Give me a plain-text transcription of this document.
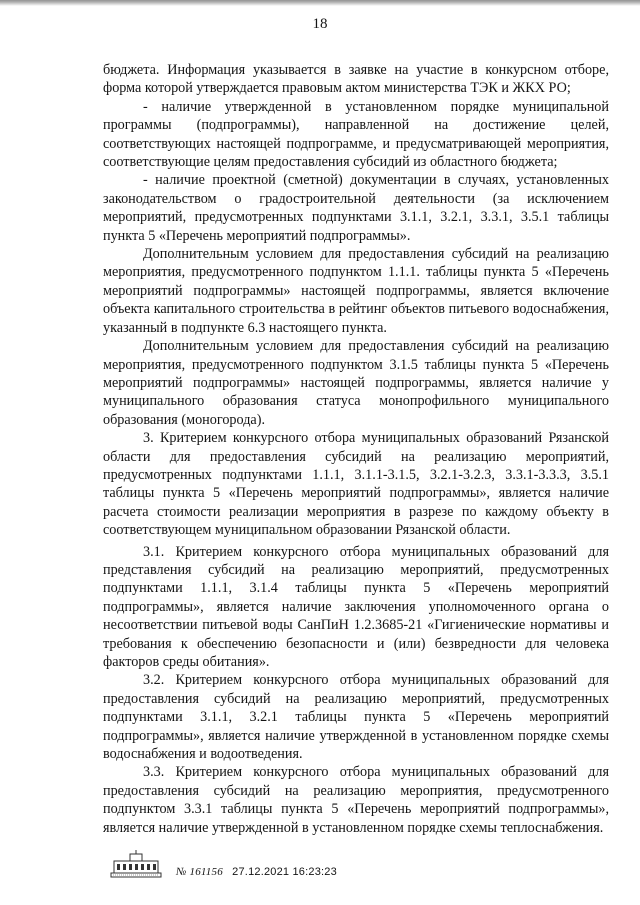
18

бюджета. Информация указывается в заявке на участие в конкурсном отборе, форма которой утверждается правовым актом министерства ТЭК и ЖКХ РО;

- наличие утвержденной в установленном порядке муниципальной программы (подпрограммы), направленной на достижение целей, соответствующих настоящей подпрограмме, и предусматривающей мероприятия, соответствующие целям предоставления субсидий из областного бюджета;

- наличие проектной (сметной) документации в случаях, установленных законодательством о градостроительной деятельности (за исключением мероприятий, предусмотренных подпунктами 3.1.1, 3.2.1, 3.3.1, 3.5.1 таблицы пункта 5 «Перечень мероприятий подпрограммы».

Дополнительным условием для предоставления субсидий на реализацию мероприятия, предусмотренного подпунктом 1.1.1. таблицы пункта 5 «Перечень мероприятий подпрограммы» настоящей подпрограммы, является включение объекта капитального строительства в рейтинг объектов питьевого водоснабжения, указанный в подпункте 6.3 настоящего пункта.

Дополнительным условием для предоставления субсидий на реализацию мероприятия, предусмотренного подпунктом 3.1.5 таблицы пункта 5 «Перечень мероприятий подпрограммы» настоящей подпрограммы, является наличие у муниципального образования статуса монопрофильного муниципального образования (моногорода).

3. Критерием конкурсного отбора муниципальных образований Рязанской области для предоставления субсидий на реализацию мероприятий, предусмотренных подпунктами 1.1.1, 3.1.1-3.1.5, 3.2.1-3.2.3, 3.3.1-3.3.3, 3.5.1 таблицы пункта 5 «Перечень мероприятий подпрограммы», является наличие расчета стоимости реализации мероприятия в разрезе по каждому объекту в соответствующем муниципальном образовании Рязанской области.

3.1. Критерием конкурсного отбора муниципальных образований для представления субсидий на реализацию мероприятий, предусмотренных подпунктами 1.1.1, 3.1.4 таблицы пункта 5 «Перечень мероприятий подпрограммы», является наличие заключения уполномоченного органа о несоответствии питьевой воды СанПиН 1.2.3685-21 «Гигиенические нормативы и требования к обеспечению безопасности и (или) безвредности для человека факторов среды обитания».

3.2. Критерием конкурсного отбора муниципальных образований для предоставления субсидий на реализацию мероприятий, предусмотренных подпунктами 3.1.1, 3.2.1 таблицы пункта 5 «Перечень мероприятий подпрограммы», является наличие утвержденной в установленном порядке схемы водоснабжения и водоотведения.

3.3. Критерием конкурсного отбора муниципальных образований для предоставления субсидий на реализацию мероприятия, предусмотренного подпунктом 3.3.1 таблицы пункта 5 «Перечень мероприятий подпрограммы», является наличие утвержденной в установленном порядке схемы теплоснабжения.

№ 161156 27.12.2021 16:23:23
